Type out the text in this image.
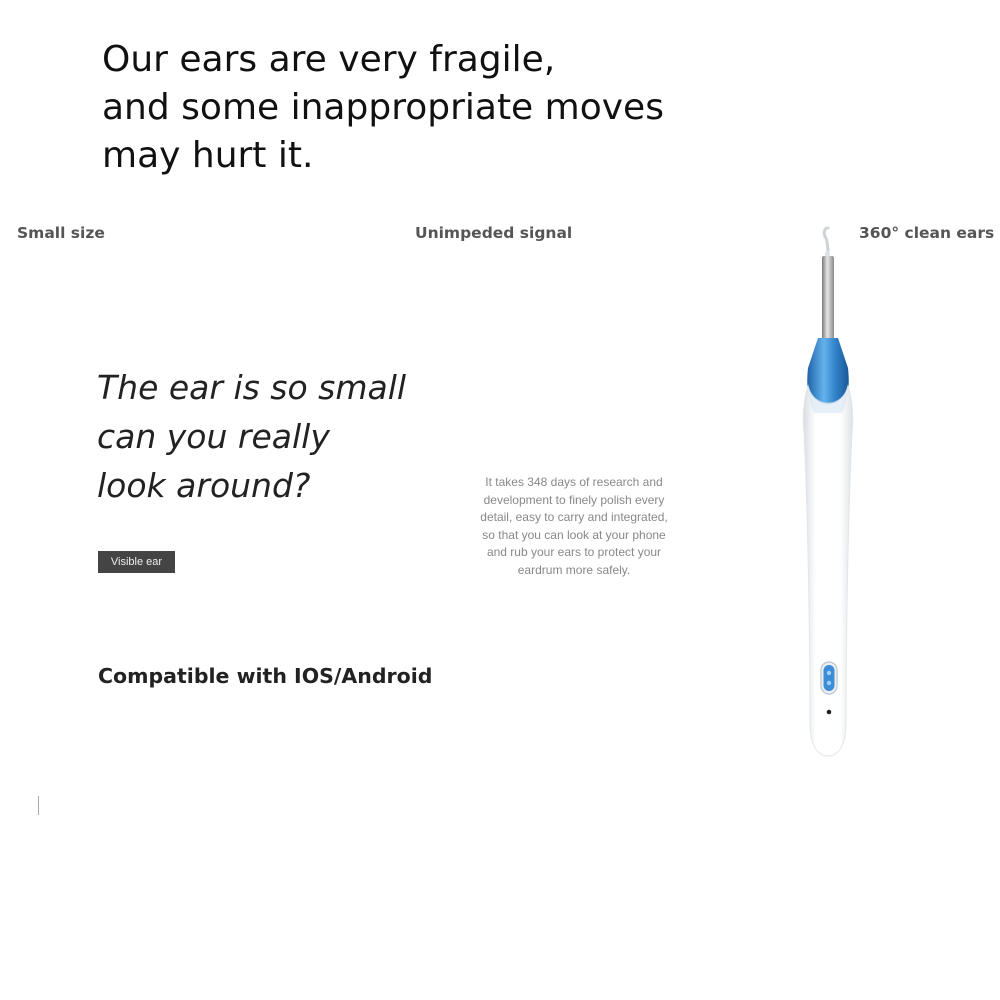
Our ears are very fragile,
and some inappropriate moves
may hurt it.
Small size	Unimpeded signal	360° clean ears
The ear is so small
can you really
look around?	It takes 348 days of research and
development to finely polish every
detail, easy to carry and integrated,
so that you can look at your phone
and rub your ears to protect your
eardrum more safely.
Visible ear
Compatible with IOS/Android
